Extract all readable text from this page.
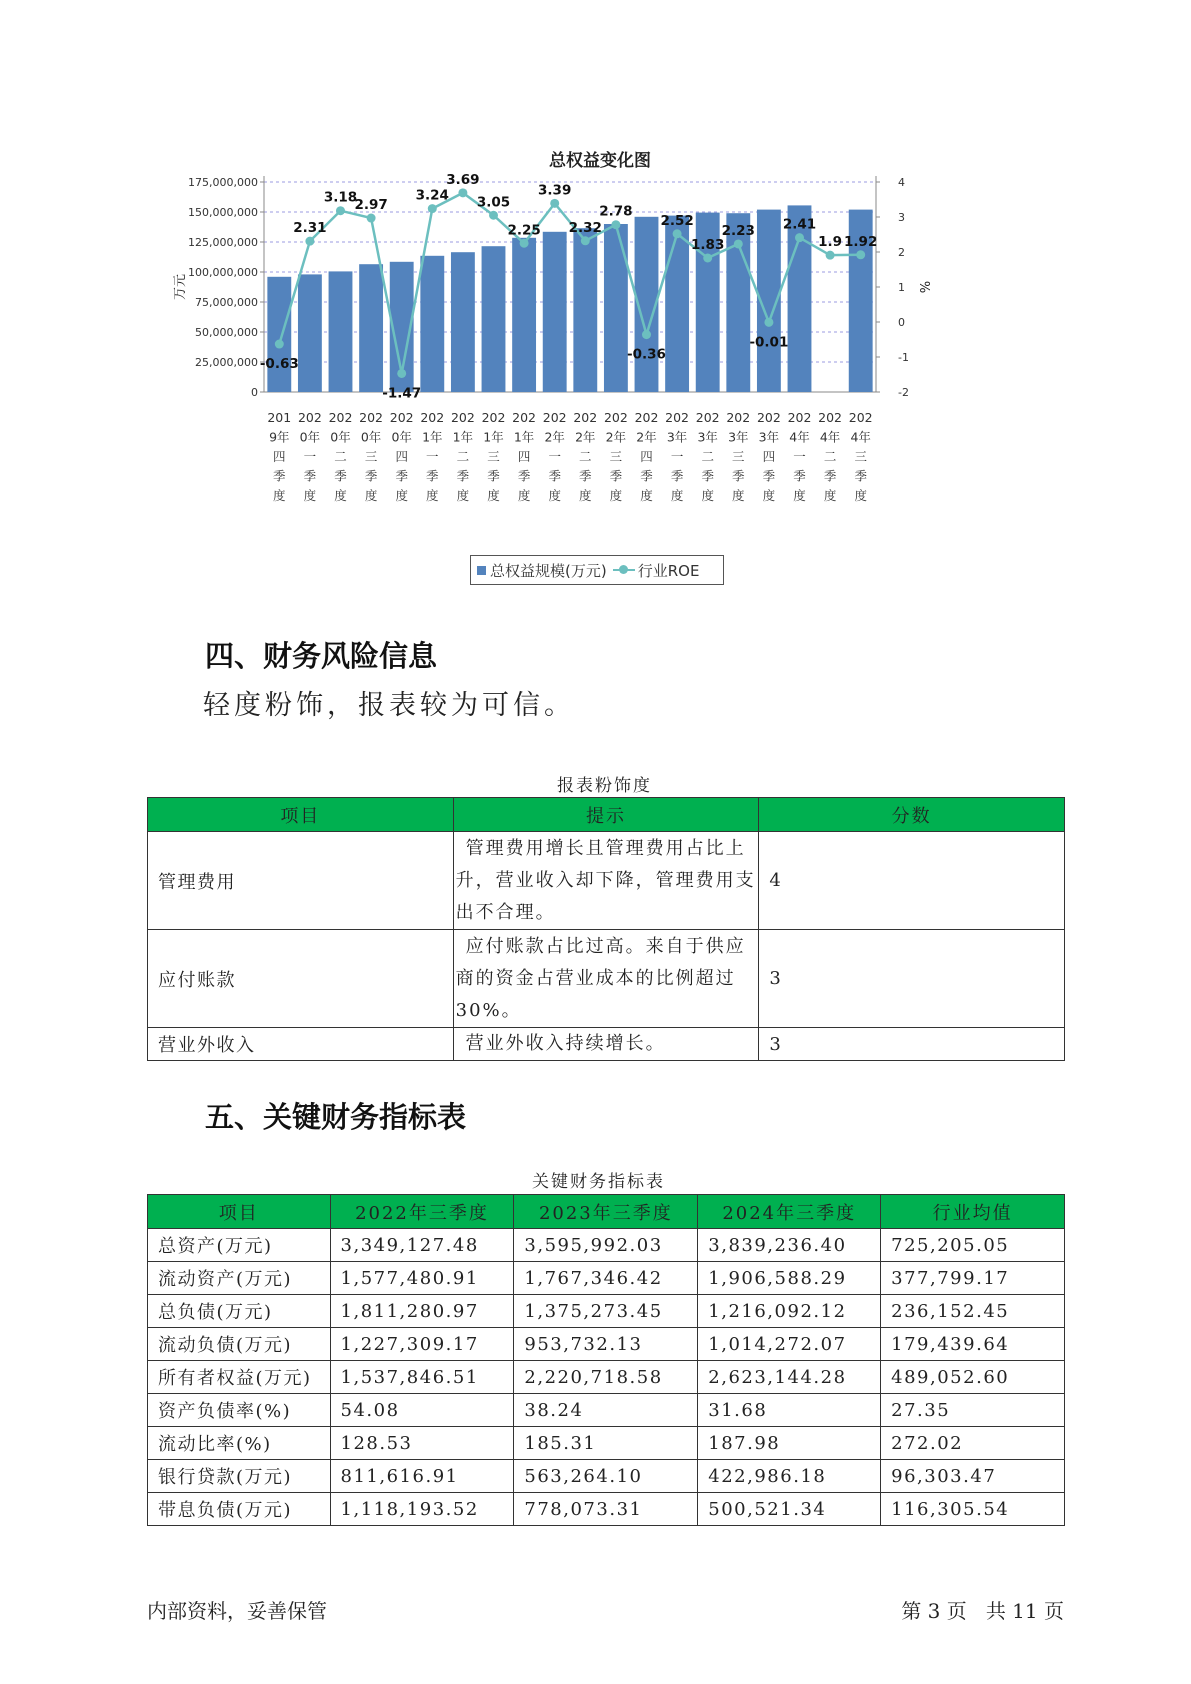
总权益变化图
175,000,000
150,000,000
125,000,000
100,000,000
75,000,000
50,000,000
25,000,000
0
4
3
2
1
0
-1
-2
万元	%
-0.63
2.31
3.18
2.97
-1.47
3.24
3.69
3.05
2.25
3.39
2.32
2.78
-0.36
2.52
1.83
2.23
-0.01
2.41
1.9 1.92
201
9年
四
季
度
202
0年
一
季
度
202
0年
二
季
度
202
0年
三
季
度
202
0年
四
季
度
202
1年
一
季
度
202
1年
二
季
度
202
1年
三
季
度
202
1年
四
季
度
202
2年
一
季
度
202
2年
二
季
度
202
2年
三
季
度
202
2年
四
季
度
202
3年
一
季
度
202
3年
二
季
度
202
3年
三
季
度
202
3年
四
季
度
202
4年
一
季
度
202
4年
二
季
度
202
4年
三
季
度
总权益规模(万元) 行业ROE
四、财务风险信息
轻度粉饰，报表较为可信。
报表粉饰度
项目	提示	分数
管理费用	管理费用增长且管理费用占比上
升，营业收入却下降，管理费用支
出不合理。	4
应付账款	应付账款占比过高。来自于供应
商的资金占营业成本的比例超过
30%。	3
营业外收入	营业外收入持续增长。	3
五、关键财务指标表
关键财务指标表
项目	2022年三季度	2023年三季度	2024年三季度	行业均值
总资产(万元)	3,349,127.48	3,595,992.03	3,839,236.40	725,205.05
流动资产(万元)	1,577,480.91	1,767,346.42	1,906,588.29	377,799.17
总负债(万元)	1,811,280.97	1,375,273.45	1,216,092.12	236,152.45
流动负债(万元)	1,227,309.17	953,732.13	1,014,272.07	179,439.64
所有者权益(万元)	1,537,846.51	2,220,718.58	2,623,144.28	489,052.60
资产负债率(%)	54.08	38.24	31.68	27.35
流动比率(%)	128.53	185.31	187.98	272.02
银行贷款(万元)	811,616.91	563,264.10	422,986.18	96,303.47
带息负债(万元)	1,118,193.52	778,073.31	500,521.34	116,305.54
内部资料，妥善保管	第 3 页   共 11 页
